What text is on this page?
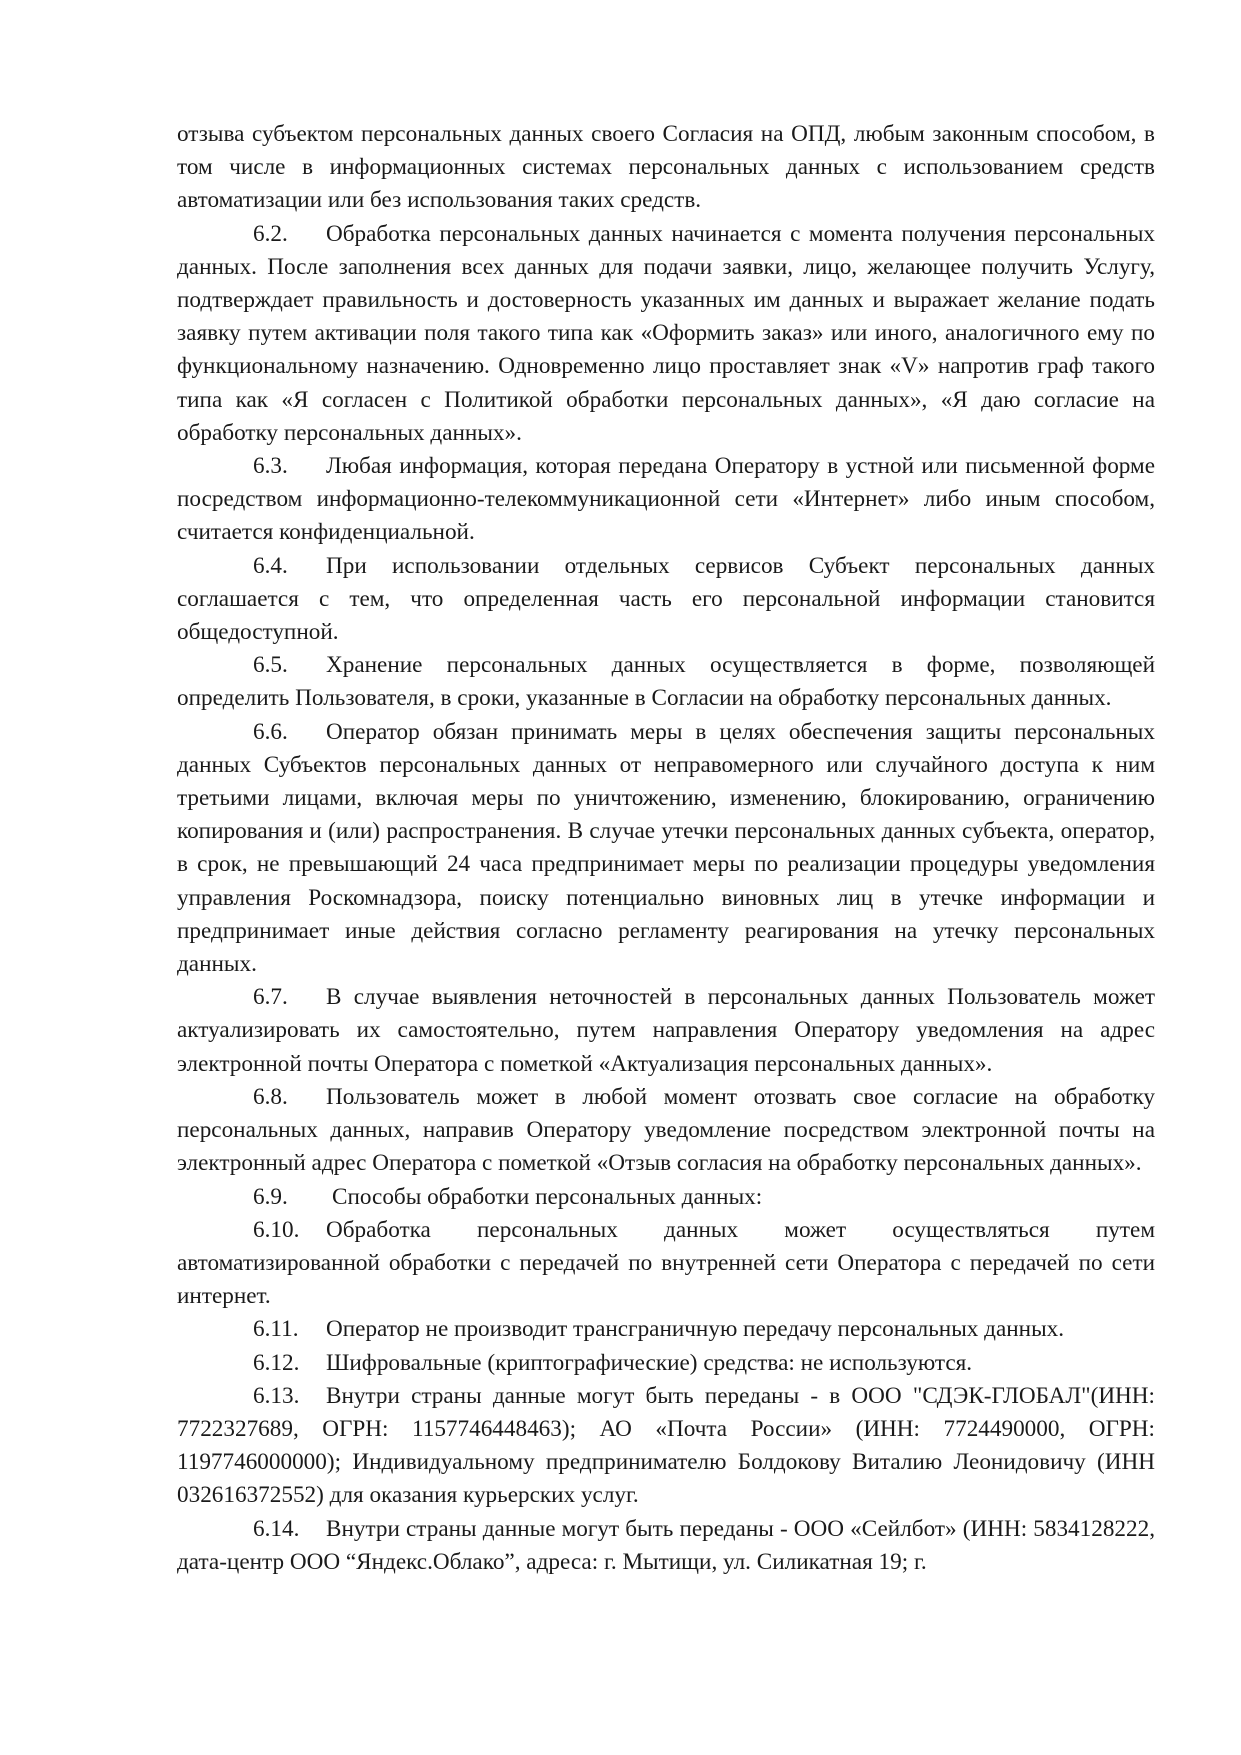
отзыва субъектом персональных данных своего Согласия на ОПД, любым законным способом, в том числе в информационных системах персональных данных с использованием средств автоматизации или без использования таких средств.

6.2. Обработка персональных данных начинается с момента получения персональных данных. После заполнения всех данных для подачи заявки, лицо, желающее получить Услугу, подтверждает правильность и достоверность указанных им данных и выражает желание подать заявку путем активации поля такого типа как «Оформить заказ» или иного, аналогичного ему по функциональному назначению. Одновременно лицо проставляет знак «V» напротив граф такого типа как «Я согласен с Политикой обработки персональных данных», «Я даю согласие на обработку персональных данных».

6.3. Любая информация, которая передана Оператору в устной или письменной форме посредством информационно-телекоммуникационной сети «Интернет» либо иным способом, считается конфиденциальной.

6.4. При использовании отдельных сервисов Субъект персональных данных соглашается с тем, что определенная часть его персональной информации становится общедоступной.

6.5. Хранение персональных данных осуществляется в форме, позволяющей определить Пользователя, в сроки, указанные в Согласии на обработку персональных данных.

6.6. Оператор обязан принимать меры в целях обеспечения защиты персональных данных Субъектов персональных данных от неправомерного или случайного доступа к ним третьими лицами, включая меры по уничтожению, изменению, блокированию, ограничению копирования и (или) распространения. В случае утечки персональных данных субъекта, оператор, в срок, не превышающий 24 часа предпринимает меры по реализации процедуры уведомления управления Роскомнадзора, поиску потенциально виновных лиц в утечке информации и предпринимает иные действия согласно регламенту реагирования на утечку персональных данных.

6.7. В случае выявления неточностей в персональных данных Пользователь может актуализировать их самостоятельно, путем направления Оператору уведомления на адрес электронной почты Оператора с пометкой «Актуализация персональных данных».

6.8. Пользователь может в любой момент отозвать свое согласие на обработку персональных данных, направив Оператору уведомление посредством электронной почты на электронный адрес Оператора с пометкой «Отзыв согласия на обработку персональных данных».

6.9. Способы обработки персональных данных:

6.10. Обработка персональных данных может осуществляться путем автоматизированной обработки с передачей по внутренней сети Оператора с передачей по сети интернет.

6.11. Оператор не производит трансграничную передачу персональных данных.

6.12. Шифровальные (криптографические) средства: не используются.

6.13. Внутри страны данные могут быть переданы - в ООО "СДЭК-ГЛОБАЛ"(ИНН: 7722327689, ОГРН: 1157746448463); АО «Почта России» (ИНН: 7724490000, ОГРН: 1197746000000); Индивидуальному предпринимателю Болдокову Виталию Леонидовичу (ИНН 032616372552) для оказания курьерских услуг.

6.14. Внутри страны данные могут быть переданы - ООО «Сейлбот» (ИНН: 5834128222, дата-центр ООО “Яндекс.Облако”, адреса: г. Мытищи, ул. Силикатная 19; г.
